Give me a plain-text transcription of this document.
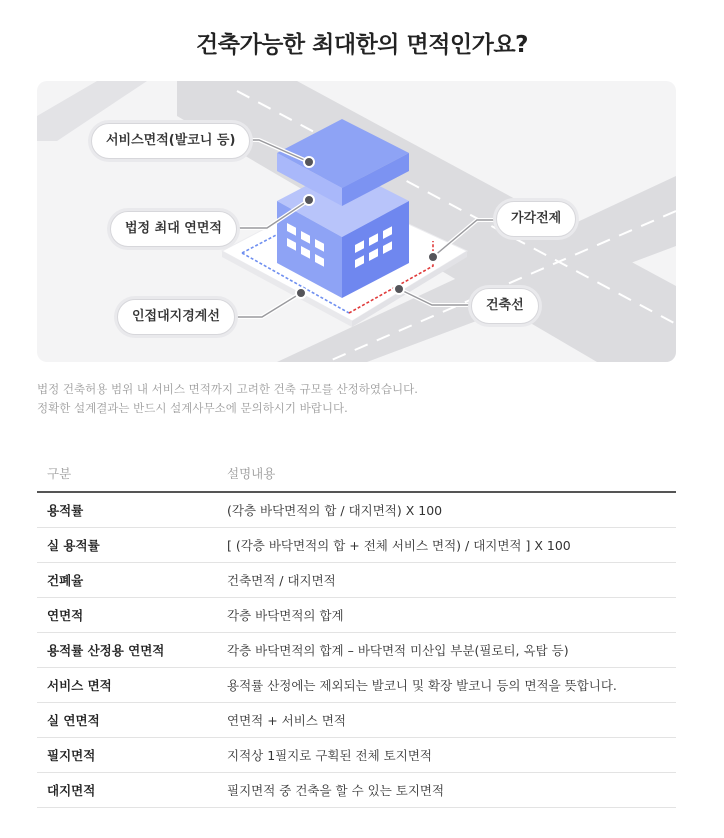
건축가능한 최대한의 면적인가요?
서비스면적(발코니 등)
법정 최대 연면적
인접대지경계선
가각전제
건축선
법정 건축허용 범위 내 서비스 면적까지 고려한 건축 규모를 산정하였습니다.
정확한 설계결과는 반드시 설계사무소에 문의하시기 바랍니다.
구분	설명내용
용적률	(각층 바닥면적의 합 / 대지면적) X 100
실 용적률	[ (각층 바닥면적의 합 + 전체 서비스 면적) / 대지면적 ] X 100
건폐율	건축면적 / 대지면적
연면적	각층 바닥면적의 합계
용적률 산정용 연면적	각층 바닥면적의 합계 – 바닥면적 미산입 부분(필로티, 옥탑 등)
서비스 면적	용적률 산정에는 제외되는 발코니 및 확장 발코니 등의 면적을 뜻합니다.
실 연면적	연면적 + 서비스 면적
필지면적	지적상 1필지로 구획된 전체 토지면적
대지면적	필지면적 중 건축을 할 수 있는 토지면적
